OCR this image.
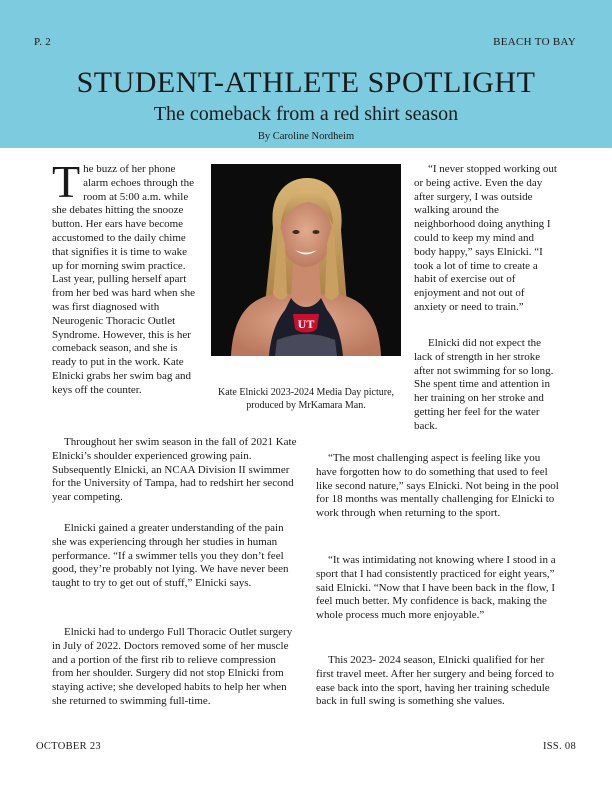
P. 2	BEACH TO BAY
STUDENT-ATHLETE SPOTLIGHT
The comeback from a red shirt season
By Caroline Nordheim

The buzz of her phone alarm echoes through the room at 5:00 a.m. while she debates hitting the snooze button. Her ears have become accustomed to the daily chime that signifies it is time to wake up for morning swim practice. Last year, pulling herself apart from her bed was hard when she was first diagnosed with Neurogenic Thoracic Outlet Syndrome. However, this is her comeback season, and she is ready to put in the work. Kate Elnicki grabs her swim bag and keys off the counter.

UT
Kate Elnicki 2023-2024 Media Day picture, produced by MrKamara Man.

“I never stopped working out or being active. Even the day after surgery, I was outside walking around the neighborhood doing anything I could to keep my mind and body happy,” says Elnicki. “I took a lot of time to create a habit of exercise out of enjoyment and not out of anxiety or need to train.”

Elnicki did not expect the lack of strength in her stroke after not swimming for so long. She spent time and attention in her training on her stroke and getting her feel for the water back.

Throughout her swim season in the fall of 2021 Kate Elnicki’s shoulder experienced growing pain. Subsequently Elnicki, an NCAA Division II swimmer for the University of Tampa, had to redshirt her second year competing.

Elnicki gained a greater understanding of the pain she was experiencing through her studies in human performance. “If a swimmer tells you they don’t feel good, they’re probably not lying. We have never been taught to try to get out of stuff,” Elnicki says.

Elnicki had to undergo Full Thoracic Outlet surgery in July of 2022. Doctors removed some of her muscle and a portion of the first rib to relieve compression from her shoulder. Surgery did not stop Elnicki from staying active; she developed habits to help her when she returned to swimming full-time.

“The most challenging aspect is feeling like you have forgotten how to do something that used to feel like second nature,” says Elnicki. Not being in the pool for 18 months was mentally challenging for Elnicki to work through when returning to the sport.

“It was intimidating not knowing where I stood in a sport that I had consistently practiced for eight years,” said Elnicki. “Now that I have been back in the flow, I feel much better. My confidence is back, making the whole process much more enjoyable.”

This 2023- 2024 season, Elnicki qualified for her first travel meet. After her surgery and being forced to ease back into the sport, having her training schedule back in full swing is something she values.

OCTOBER 23	ISS. 08
